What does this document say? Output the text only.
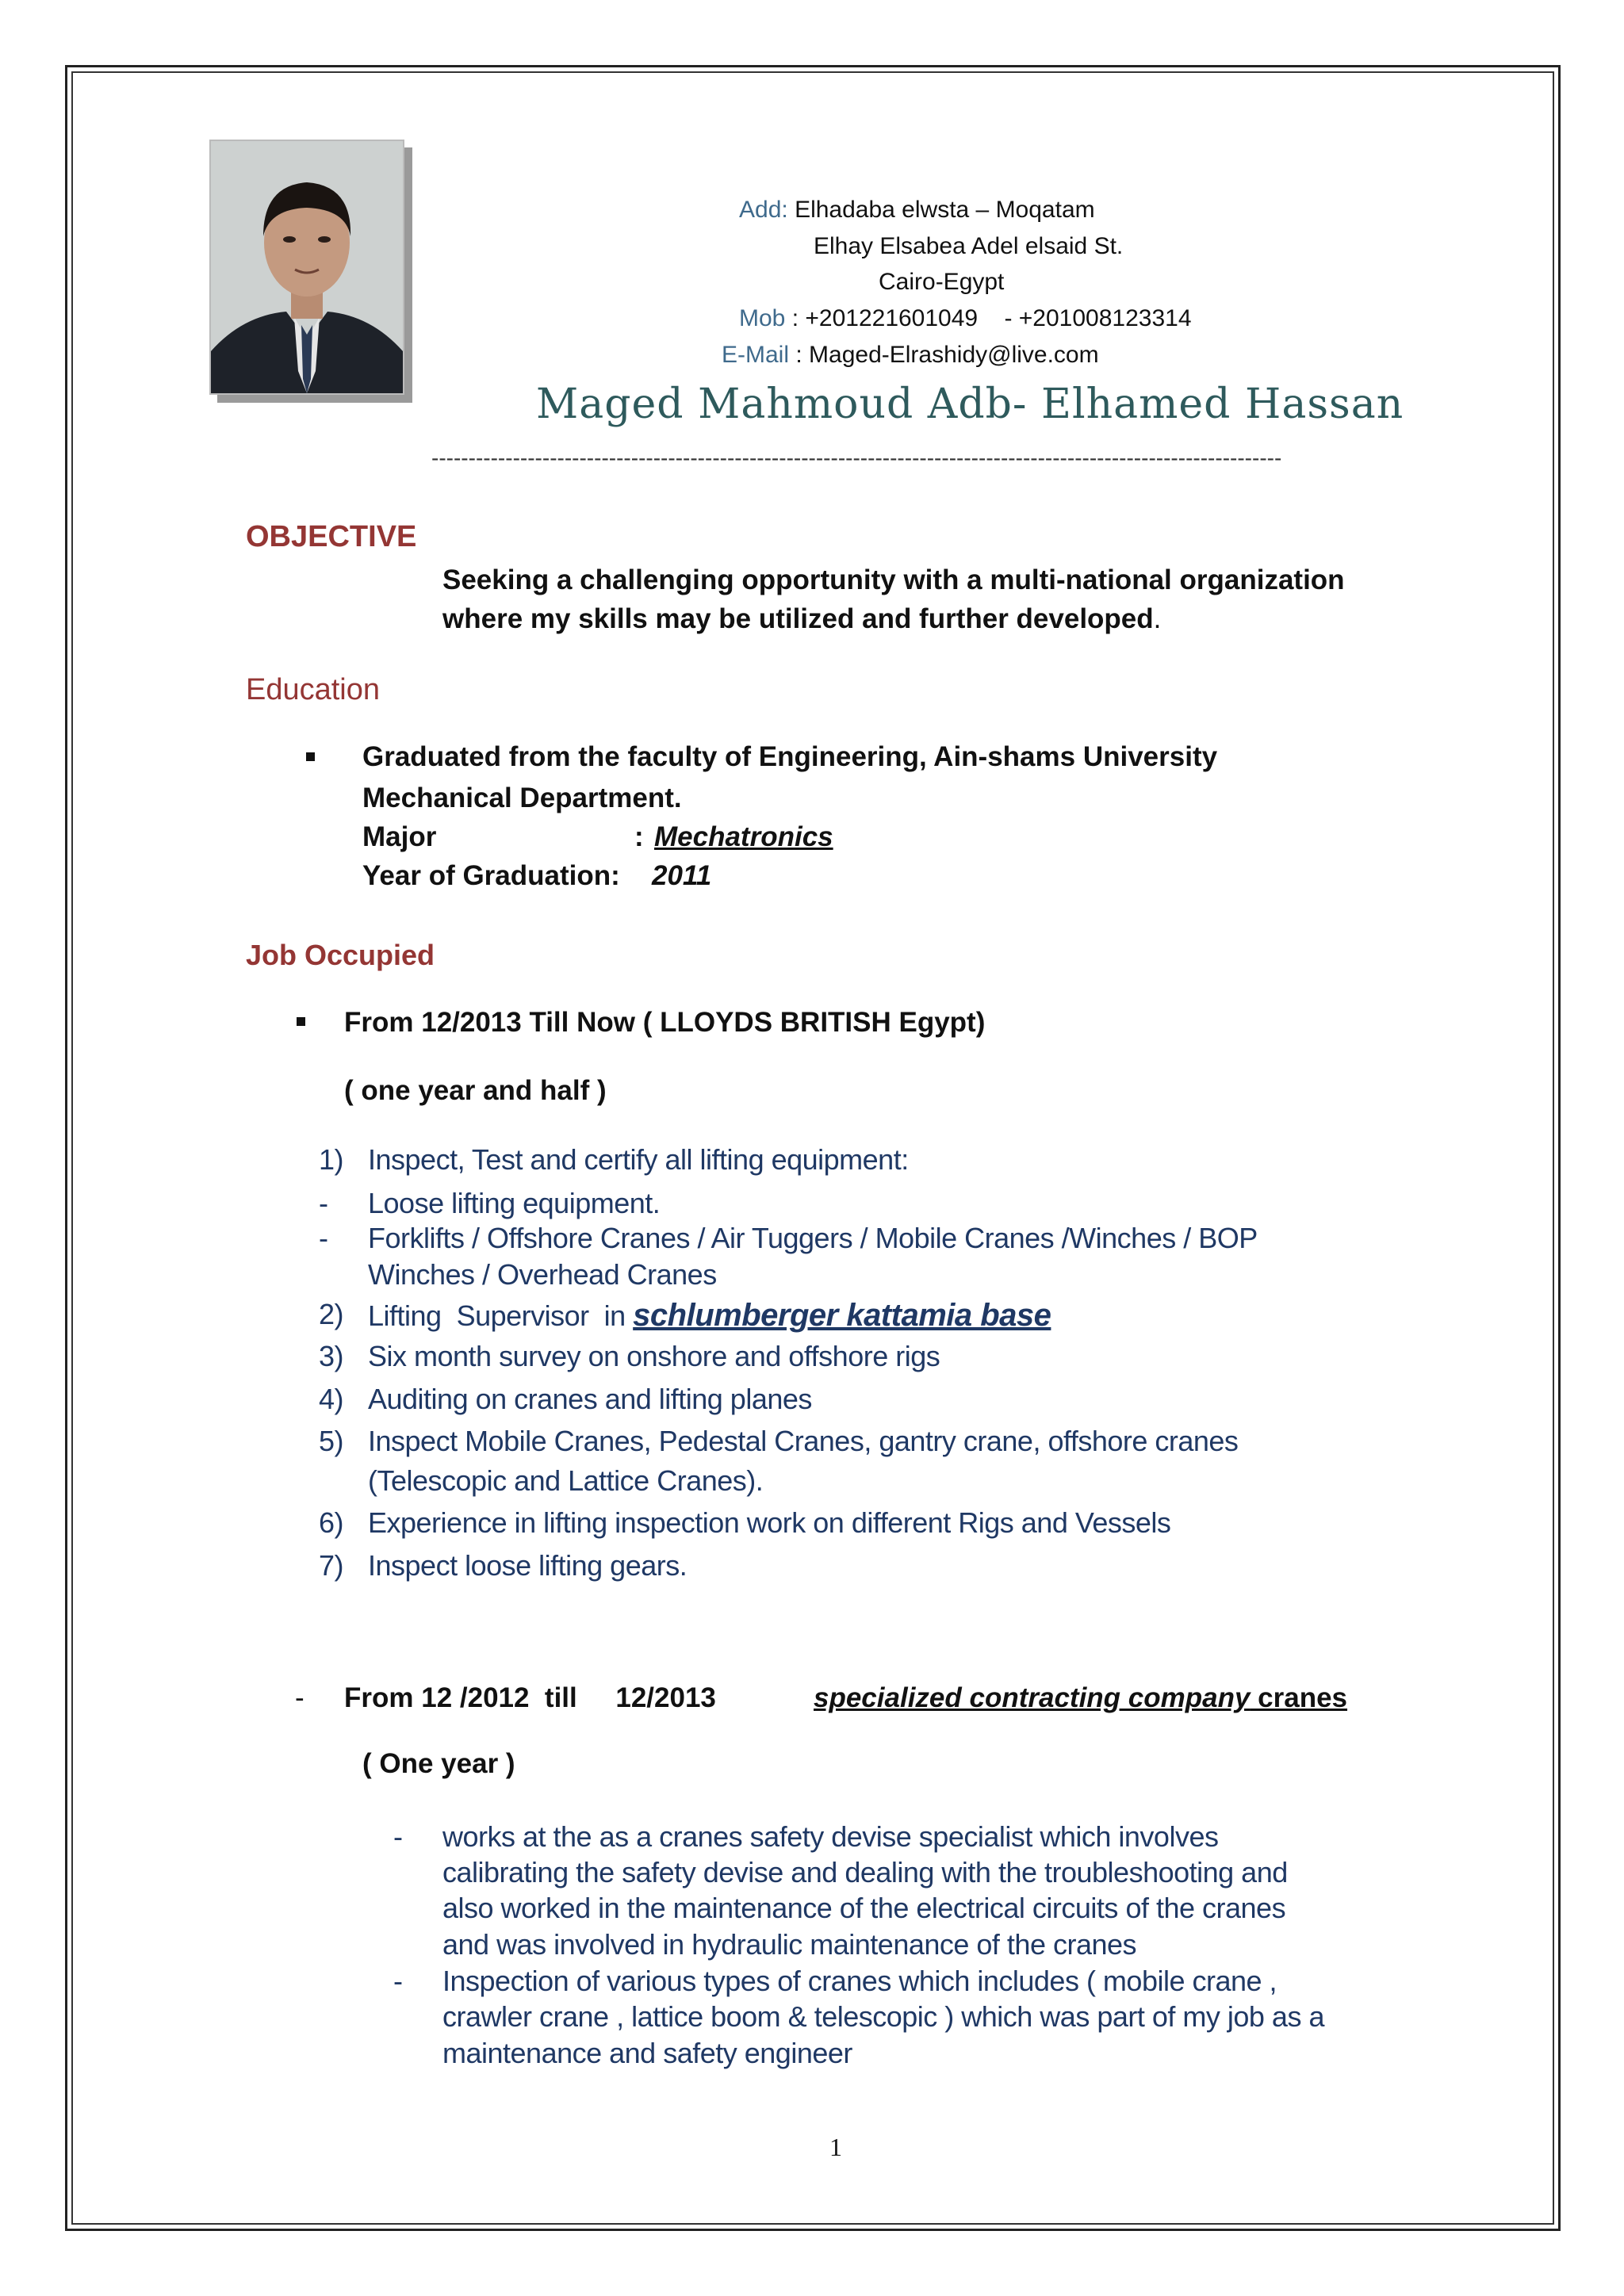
Add: Elhadaba elwsta – Moqatam
Elhay Elsabea Adel elsaid St.
Cairo-Egypt
Mob : +201221601049    - +201008123314
E-Mail : Maged-Elrashidy@live.com
Maged Mahmoud Adb- Elhamed Hassan
-------------------------------------------------------------------------------------------------------------------
OBJECTIVE
Seeking a challenging opportunity with a multi-national organization
where my skills may be utilized and further developed.
Education
Graduated from the faculty of Engineering, Ain-shams University
Mechanical Department.
Major	: Mechatronics
Year of Graduation: 2011
Job Occupied
From 12/2013 Till Now ( LLOYDS BRITISH Egypt)
( one year and half )
1) Inspect, Test and certify all lifting equipment:
- Loose lifting equipment.
- Forklifts / Offshore Cranes / Air Tuggers / Mobile Cranes /Winches / BOP
Winches / Overhead Cranes
2) Lifting  Supervisor  in schlumberger kattamia base
3) Six month survey on onshore and offshore rigs
4) Auditing on cranes and lifting planes
5) Inspect Mobile Cranes, Pedestal Cranes, gantry crane, offshore cranes
(Telescopic and Lattice Cranes).
6) Experience in lifting inspection work on different Rigs and Vessels
7) Inspect loose lifting gears.
- From 12 /2012  till     12/2013	specialized contracting company cranes
( One year )
- works at the as a cranes safety devise specialist which involves
calibrating the safety devise and dealing with the troubleshooting and
also worked in the maintenance of the electrical circuits of the cranes
and was involved in hydraulic maintenance of the cranes
- Inspection of various types of cranes which includes ( mobile crane ,
crawler crane , lattice boom & telescopic ) which was part of my job as a
maintenance and safety engineer
1
